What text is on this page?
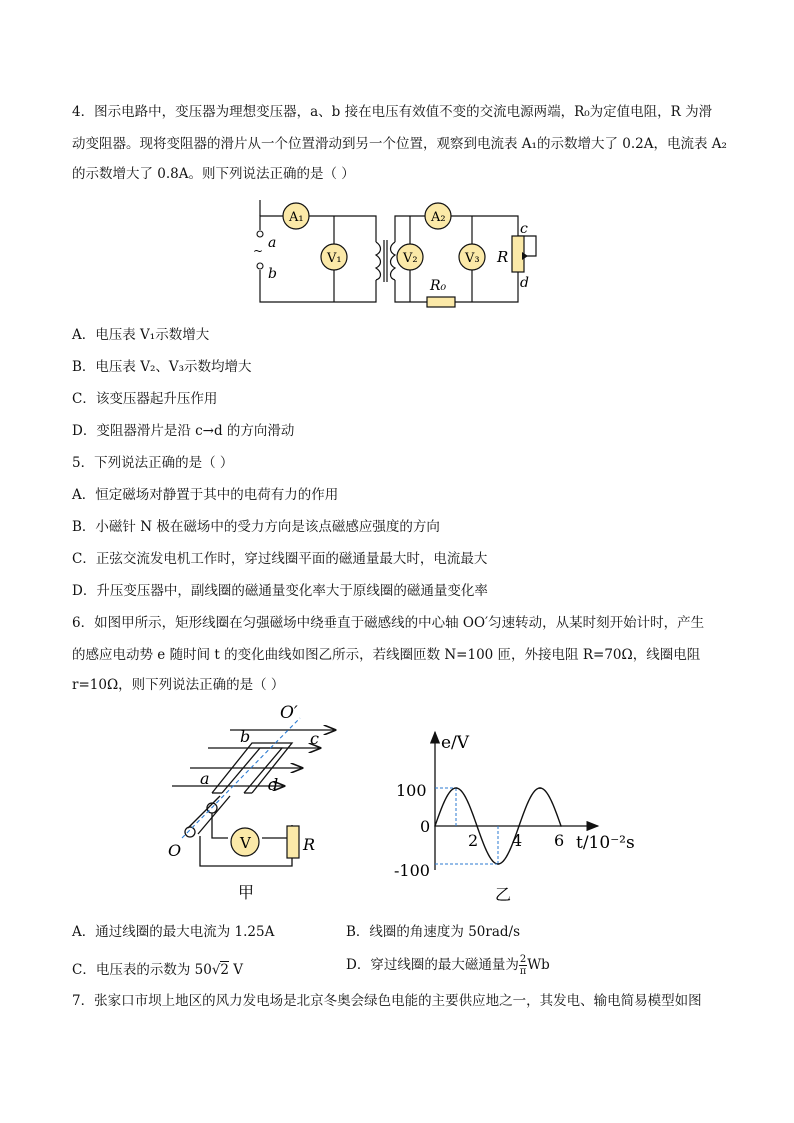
4．图示电路中，变压器为理想变压器，a、b 接在电压有效值不变的交流电源两端，R₀为定值电阻，R 为滑
动变阻器。现将变阻器的滑片从一个位置滑动到另一个位置，观察到电流表 A₁的示数增大了 0.2A，电流表 A₂
的示数增大了 0.8A。则下列说法正确的是（ ）
A₁	A₂
V₁	V₂	V₃
a
~
b
R₀
R
c
d
A．电压表 V₁示数增大
B．电压表 V₂、V₃示数均增大
C．该变压器起升压作用
D．变阻器滑片是沿 c→d 的方向滑动
5．下列说法正确的是（ ）
A．恒定磁场对静置于其中的电荷有力的作用
B．小磁针 N 极在磁场中的受力方向是该点磁感应强度的方向
C．正弦交流发电机工作时，穿过线圈平面的磁通量最大时，电流最大
D．升压变压器中，副线圈的磁通量变化率大于原线圈的磁通量变化率
6．如图甲所示，矩形线圈在匀强磁场中绕垂直于磁感线的中心轴 OO′匀速转动，从某时刻开始计时，产生
的感应电动势 e 随时间 t 的变化曲线如图乙所示，若线圈匝数 N=100 匝，外接电阻 R=70Ω，线圈电阻
r=10Ω，则下列说法正确的是（ ）
V	R
O′
O
b	c
a	d
甲
e/V
t/10⁻²s
100
-100
0
2 4 6
乙
A．通过线圈的最大电流为 1.25A	B．线圈的角速度为 50rad/s
C．电压表的示数为 50√2 V	D．穿过线圈的最大磁通量为 $\frac{2}{\pi}$ Wb
7．张家口市坝上地区的风力发电场是北京冬奥会绿色电能的主要供应地之一，其发电、输电简易模型如图
